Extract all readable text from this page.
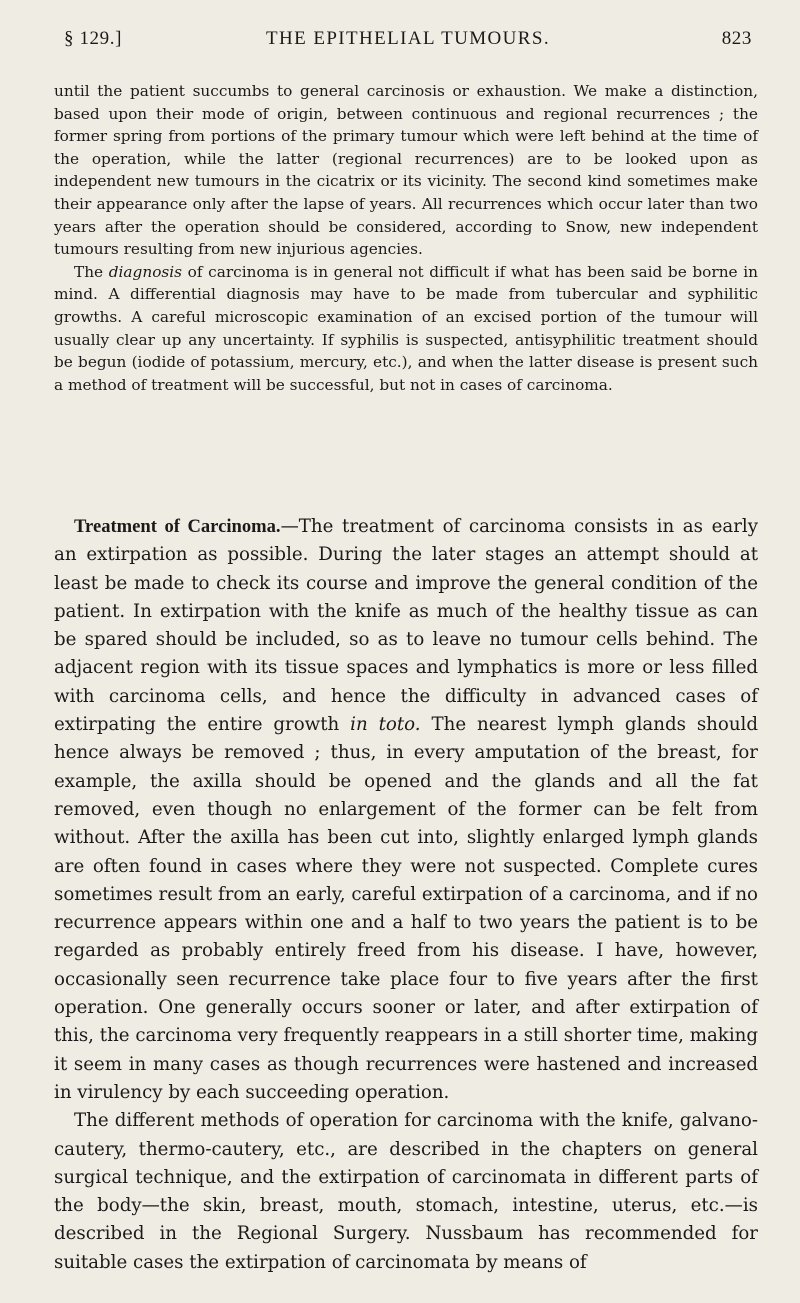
§ 129.]	THE EPITHELIAL TUMOURS.	823

until the patient succumbs to general carcinosis or exhaustion. We make a distinction, based upon their mode of origin, between continuous and regional recurrences ; the former spring from portions of the primary tumour which were left behind at the time of the operation, while the latter (regional recurrences) are to be looked upon as independent new tumours in the cicatrix or its vicinity. The second kind sometimes make their appearance only after the lapse of years. All recurrences which occur later than two years after the operation should be considered, according to Snow, new independent tumours resulting from new injurious agencies.

The diagnosis of carcinoma is in general not difficult if what has been said be borne in mind. A differential diagnosis may have to be made from tubercular and syphilitic growths. A careful microscopic examination of an excised portion of the tumour will usually clear up any uncertainty. If syphilis is suspected, antisyphilitic treatment should be begun (iodide of potassium, mercury, etc.), and when the latter disease is present such a method of treatment will be successful, but not in cases of carcinoma.

Treatment of Carcinoma.—The treatment of carcinoma consists in as early an extirpation as possible. During the later stages an attempt should at least be made to check its course and improve the general condition of the patient. In extirpation with the knife as much of the healthy tissue as can be spared should be included, so as to leave no tumour cells behind. The adjacent region with its tissue spaces and lymphatics is more or less filled with carcinoma cells, and hence the difficulty in advanced cases of extirpating the entire growth in toto. The nearest lymph glands should hence always be removed ; thus, in every amputation of the breast, for example, the axilla should be opened and the glands and all the fat removed, even though no enlargement of the former can be felt from without. After the axilla has been cut into, slightly enlarged lymph glands are often found in cases where they were not suspected. Complete cures sometimes result from an early, careful extirpation of a carcinoma, and if no recurrence appears within one and a half to two years the patient is to be regarded as probably entirely freed from his disease. I have, however, occasionally seen recurrence take place four to five years after the first operation. One generally occurs sooner or later, and after extirpation of this, the carcinoma very frequently reappears in a still shorter time, making it seem in many cases as though recurrences were hastened and increased in virulency by each succeeding operation.

The different methods of operation for carcinoma with the knife, galvano-cautery, thermo-cautery, etc., are described in the chapters on general surgical technique, and the extirpation of carcinomata in different parts of the body—the skin, breast, mouth, stomach, intestine, uterus, etc.—is described in the Regional Surgery. Nussbaum has recommended for suitable cases the extirpation of carcinomata by means of
